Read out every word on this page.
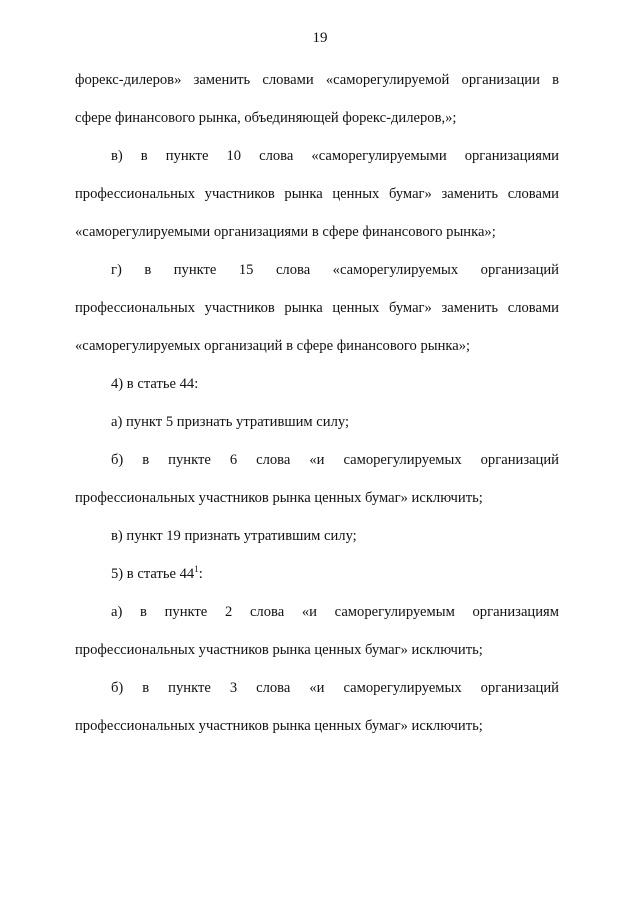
19
форекс-дилеров» заменить словами «саморегулируемой организации в
сфере финансового рынка, объединяющей форекс-дилеров,»;
в) в пункте 10 слова «саморегулируемыми организациями
профессиональных участников рынка ценных бумаг» заменить словами
«саморегулируемыми организациями в сфере финансового рынка»;
г) в пункте 15 слова «саморегулируемых организаций
профессиональных участников рынка ценных бумаг» заменить словами
«саморегулируемых организаций в сфере финансового рынка»;
4) в статье 44:
а) пункт 5 признать утратившим силу;
б) в пункте 6 слова «и саморегулируемых организаций
профессиональных участников рынка ценных бумаг» исключить;
в) пункт 19 признать утратившим силу;
5) в статье $44^1$:
а) в пункте 2 слова «и саморегулируемым организациям
профессиональных участников рынка ценных бумаг» исключить;
б) в пункте 3 слова «и саморегулируемых организаций
профессиональных участников рынка ценных бумаг» исключить;
